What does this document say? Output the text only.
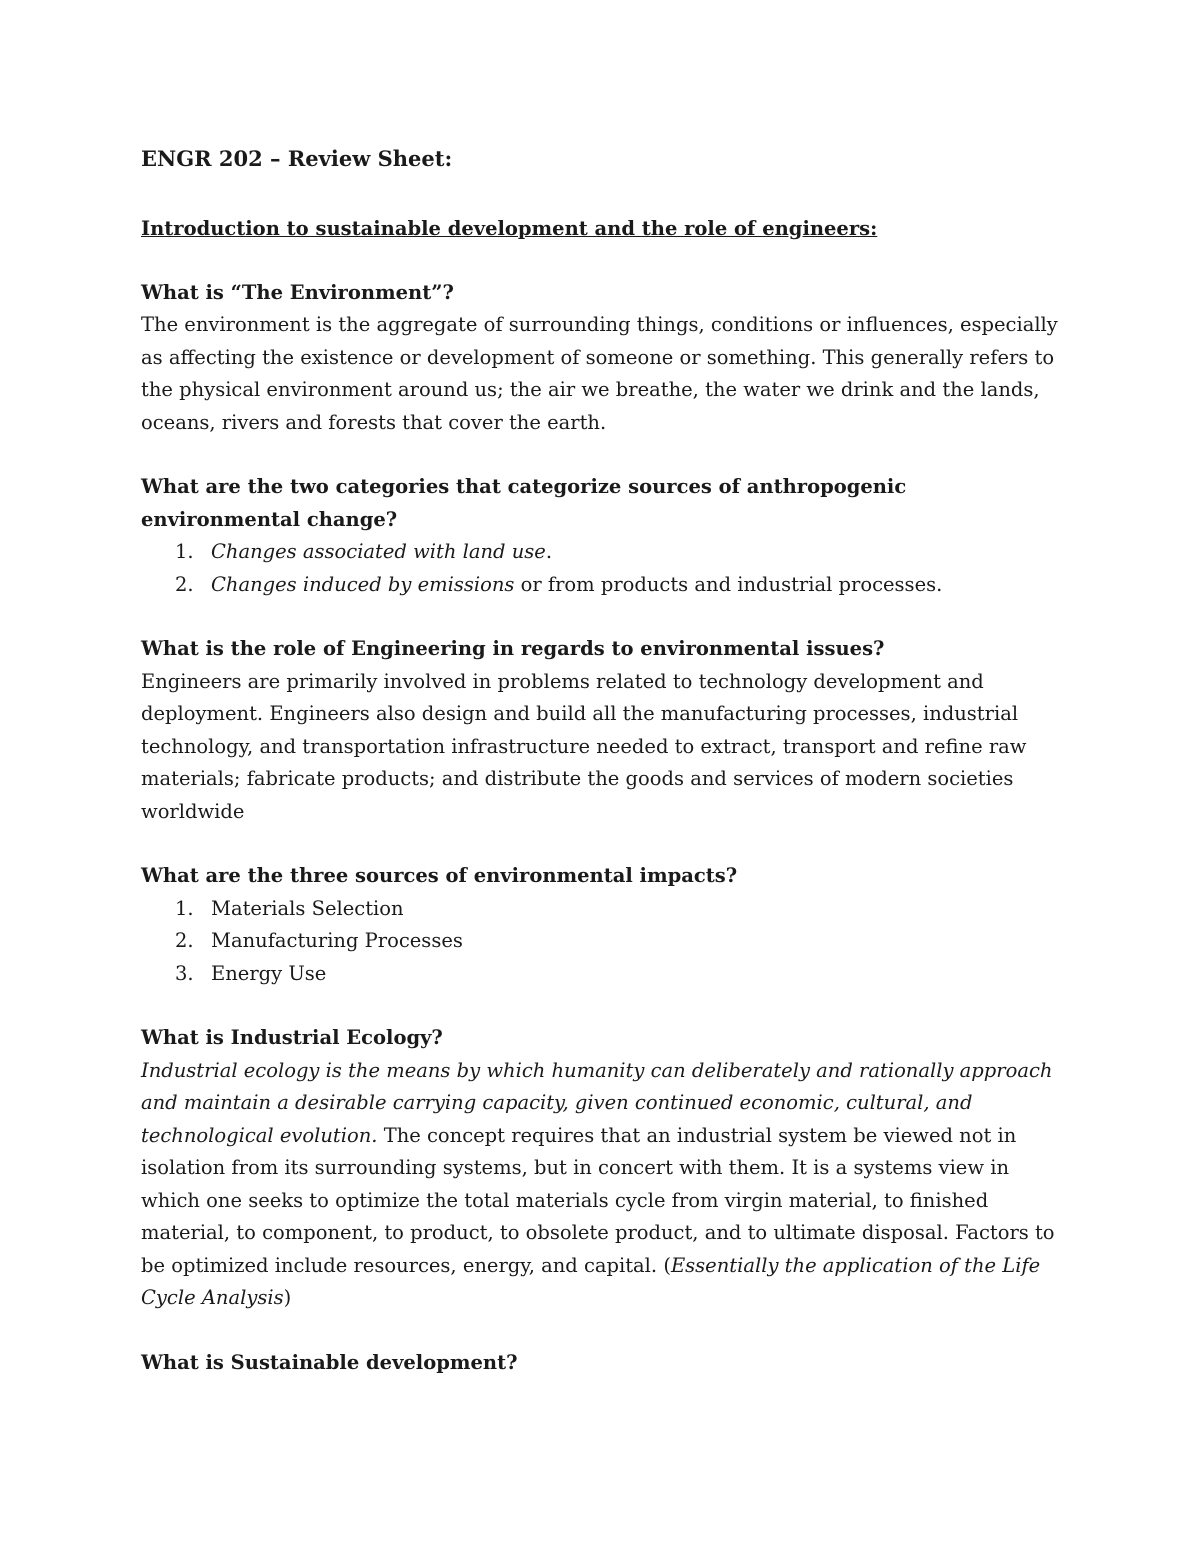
ENGR 202 – Review Sheet:

Introduction to sustainable development and the role of engineers:

What is “The Environment”?

The environment is the aggregate of surrounding things, conditions or influences, especially as affecting the existence or development of someone or something. This generally refers to the physical environment around us; the air we breathe, the water we drink and the lands, oceans, rivers and forests that cover the earth.

What are the two categories that categorize sources of anthropogenic environmental change?

1. Changes associated with land use.
2. Changes induced by emissions or from products and industrial processes.

What is the role of Engineering in regards to environmental issues?

Engineers are primarily involved in problems related to technology development and deployment. Engineers also design and build all the manufacturing processes, industrial technology, and transportation infrastructure needed to extract, transport and refine raw materials; fabricate products; and distribute the goods and services of modern societies worldwide

What are the three sources of environmental impacts?

1. Materials Selection
2. Manufacturing Processes
3. Energy Use

What is Industrial Ecology?

Industrial ecology is the means by which humanity can deliberately and rationally approach and maintain a desirable carrying capacity, given continued economic, cultural, and technological evolution. The concept requires that an industrial system be viewed not in isolation from its surrounding systems, but in concert with them. It is a systems view in which one seeks to optimize the total materials cycle from virgin material, to finished material, to component, to product, to obsolete product, and to ultimate disposal. Factors to be optimized include resources, energy, and capital. (Essentially the application of the Life Cycle Analysis)

What is Sustainable development?
